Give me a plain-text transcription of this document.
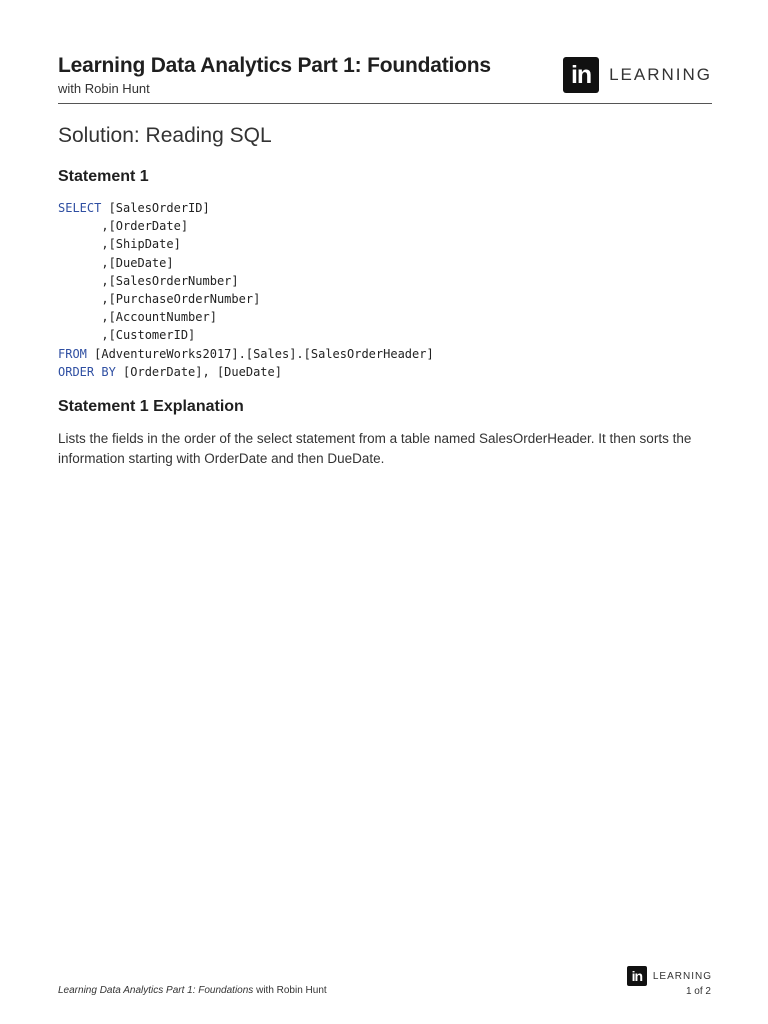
Learning Data Analytics Part 1: Foundations
with Robin Hunt	in	LEARNING
Solution: Reading SQL
Statement 1
SELECT [SalesOrderID]
,[OrderDate]
,[ShipDate]
,[DueDate]
,[SalesOrderNumber]
,[PurchaseOrderNumber]
,[AccountNumber]
,[CustomerID]
FROM [AdventureWorks2017].[Sales].[SalesOrderHeader]
ORDER BY [OrderDate], [DueDate]
Statement 1 Explanation
Lists the fields in the order of the select statement from a table named SalesOrderHeader. It then sorts the information starting with OrderDate and then DueDate.
in	LEARNING
Learning Data Analytics Part 1: Foundations with Robin Hunt	1 of 2
